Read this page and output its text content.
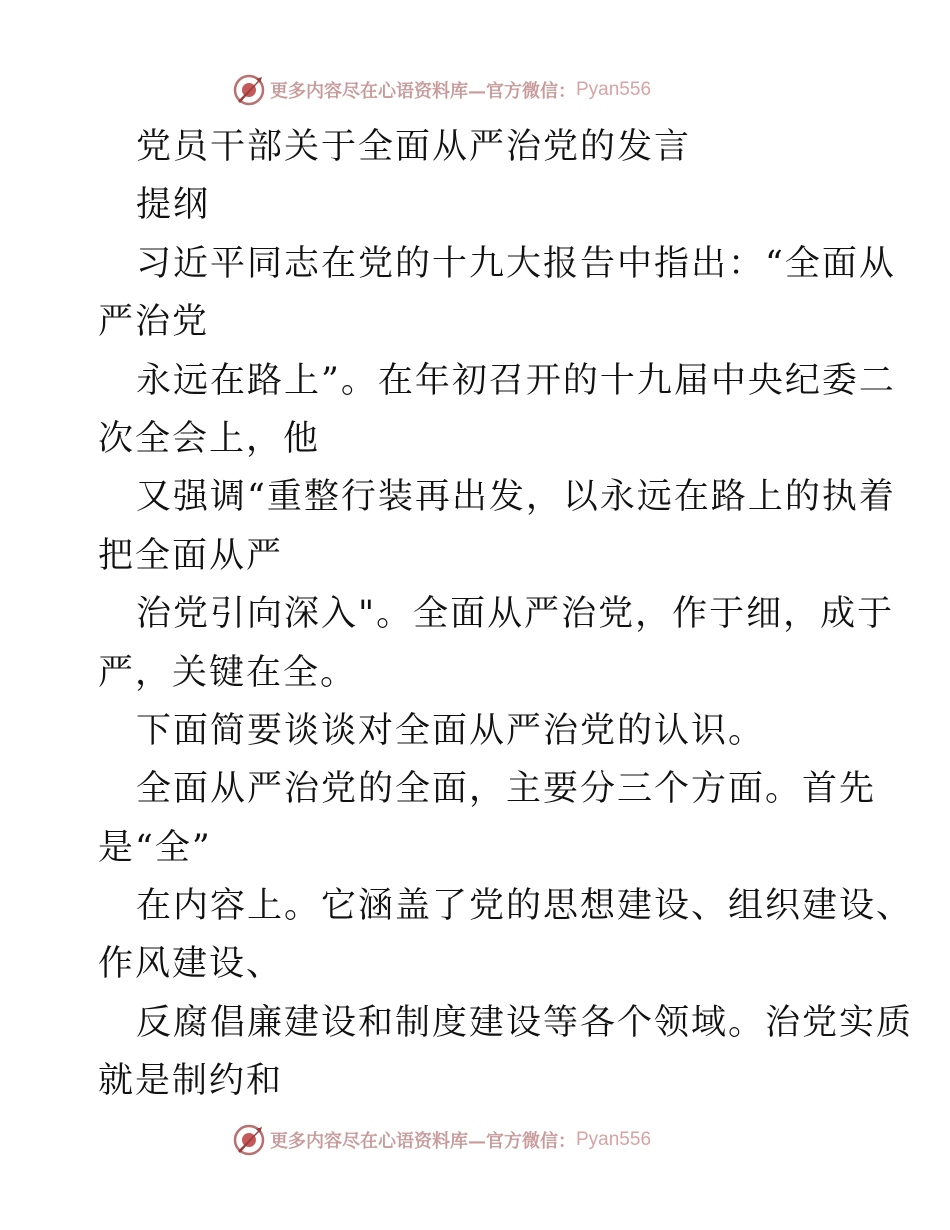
更多内容尽在心语资料库—官方微信： Pyan556
党员干部关于全面从严治党的发言
提纲
习近平同志在党的十九大报告中指出：“全面从
严治党
永远在路上”。在年初召开的十九届中央纪委二
次全会上，他
又强调“重整行装再出发，以永远在路上的执着
把全面从严
治党引向深入"。全面从严治党，作于细，成于
严，关键在全。
下面简要谈谈对全面从严治党的认识。
全面从严治党的全面，主要分三个方面。首先
是“全”
在内容上。它涵盖了党的思想建设、组织建设、
作风建设、
反腐倡廉建设和制度建设等各个领域。治党实质
就是制约和
更多内容尽在心语资料库—官方微信： Pyan556
